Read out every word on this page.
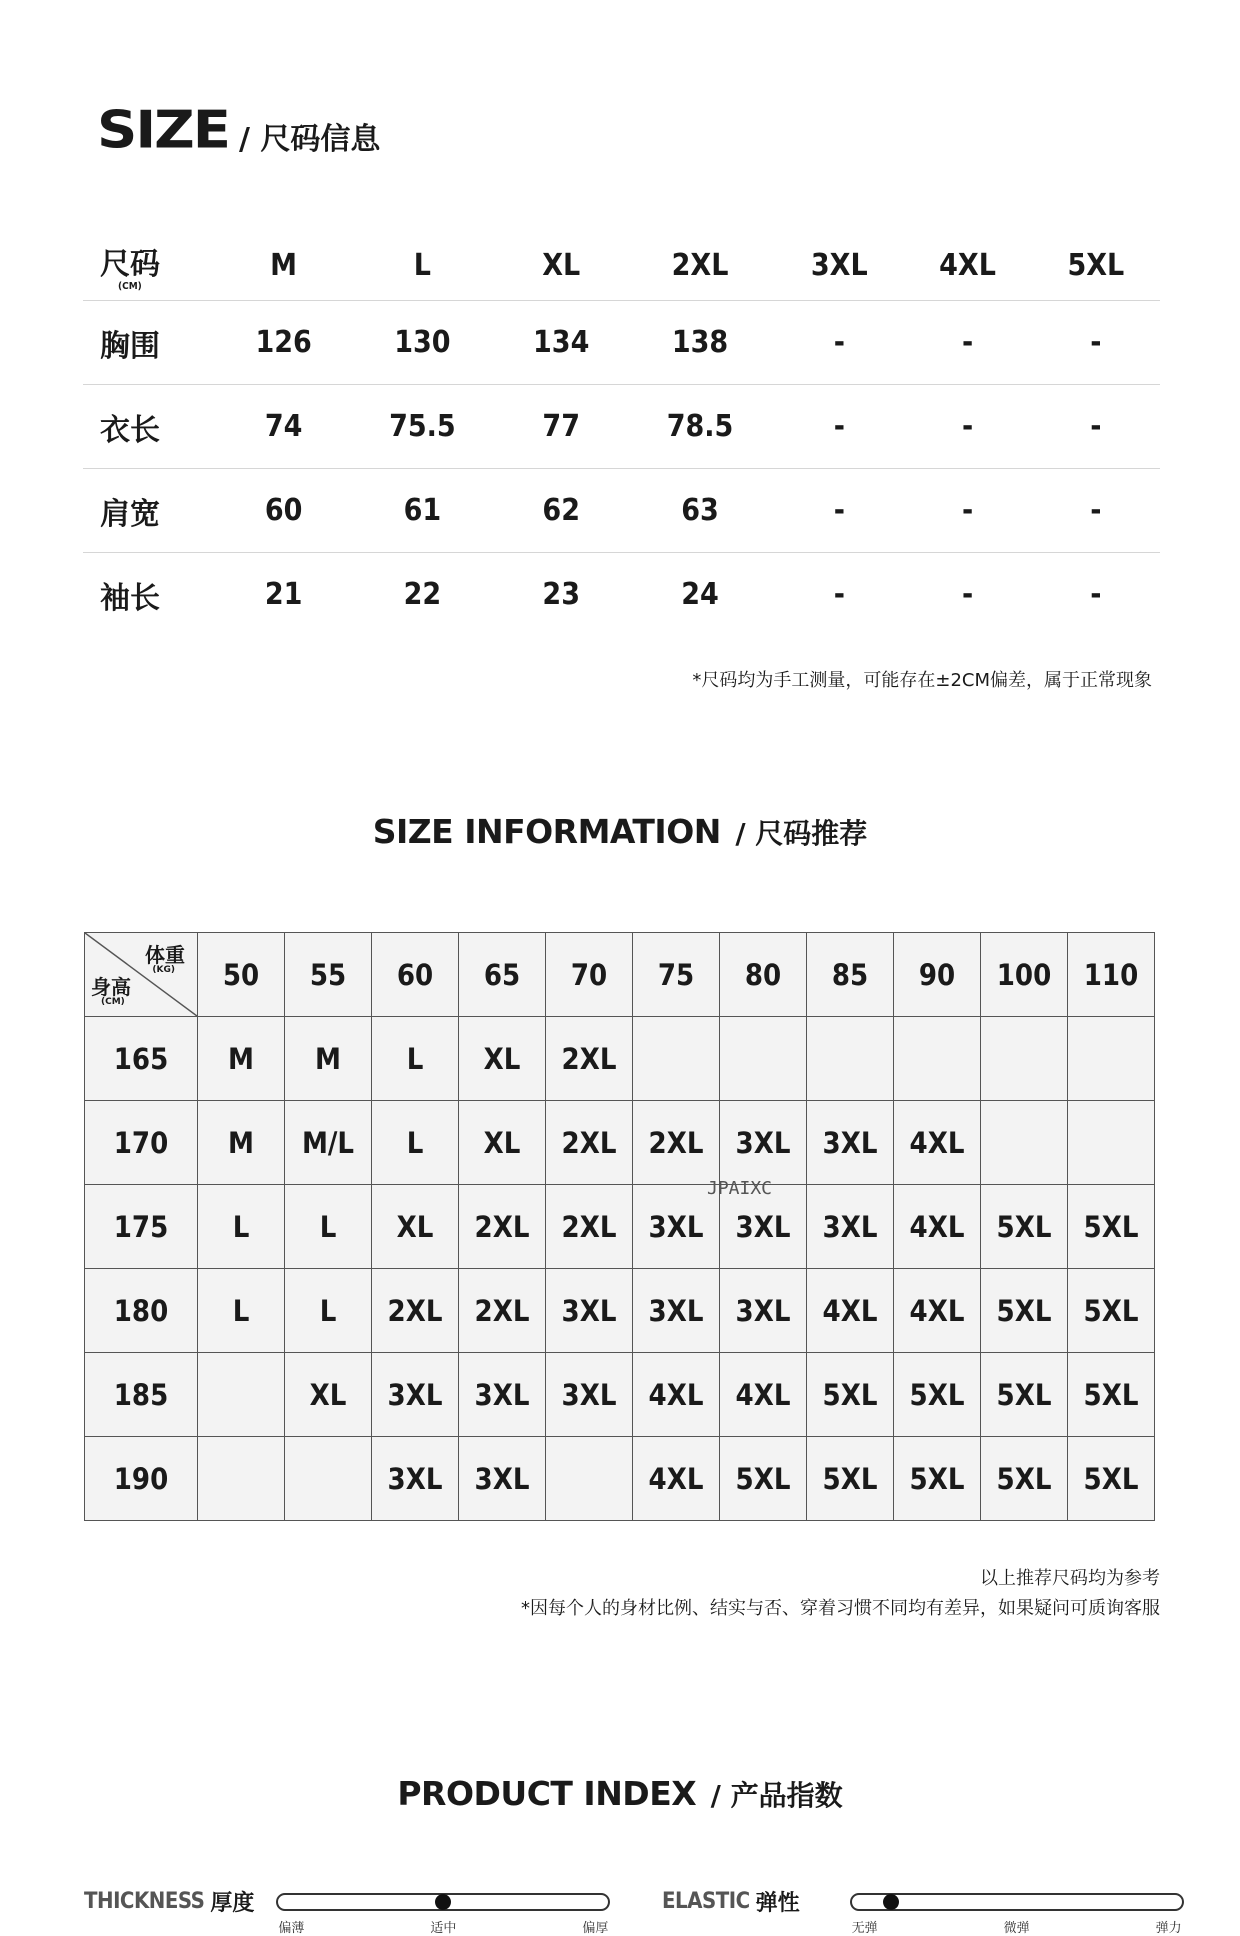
SIZE / 尺码信息
尺码
(CM)	M	L	XL	2XL	3XL	4XL	5XL
胸围	126	130	134	138	-	-	-
衣长	74	75.5	77	78.5	-	-	-
肩宽	60	61	62	63	-	-	-
袖长	21	22	23	24	-	-	-
*尺码均为手工测量，可能存在±2CM偏差，属于正常现象
SIZE INFORMATION / 尺码推荐
体重
(KG)
身高
(CM)	50	55	60	65	70	75	80	85	90	100	110
165	M	M	L	XL	2XL						
170	M	M/L	L	XL	2XL	2XL	3XL	3XL	4XL		
175	L	L	XL	2XL	2XL	3XL	3XL	3XL	4XL	5XL	5XL
180	L	L	2XL	2XL	3XL	3XL	3XL	4XL	4XL	5XL	5XL
185		XL	3XL	3XL	3XL	4XL	4XL	5XL	5XL	5XL	5XL
190			3XL	3XL		4XL	5XL	5XL	5XL	5XL	5XL
JPAIXC
以上推荐尺码均为参考
*因每个人的身材比例、结实与否、穿着习惯不同均有差异，如果疑问可质询客服
PRODUCT INDEX / 产品指数
THICKNESS 厚度
偏薄	适中	偏厚
ELASTIC 弹性
无弹	微弹	弹力
